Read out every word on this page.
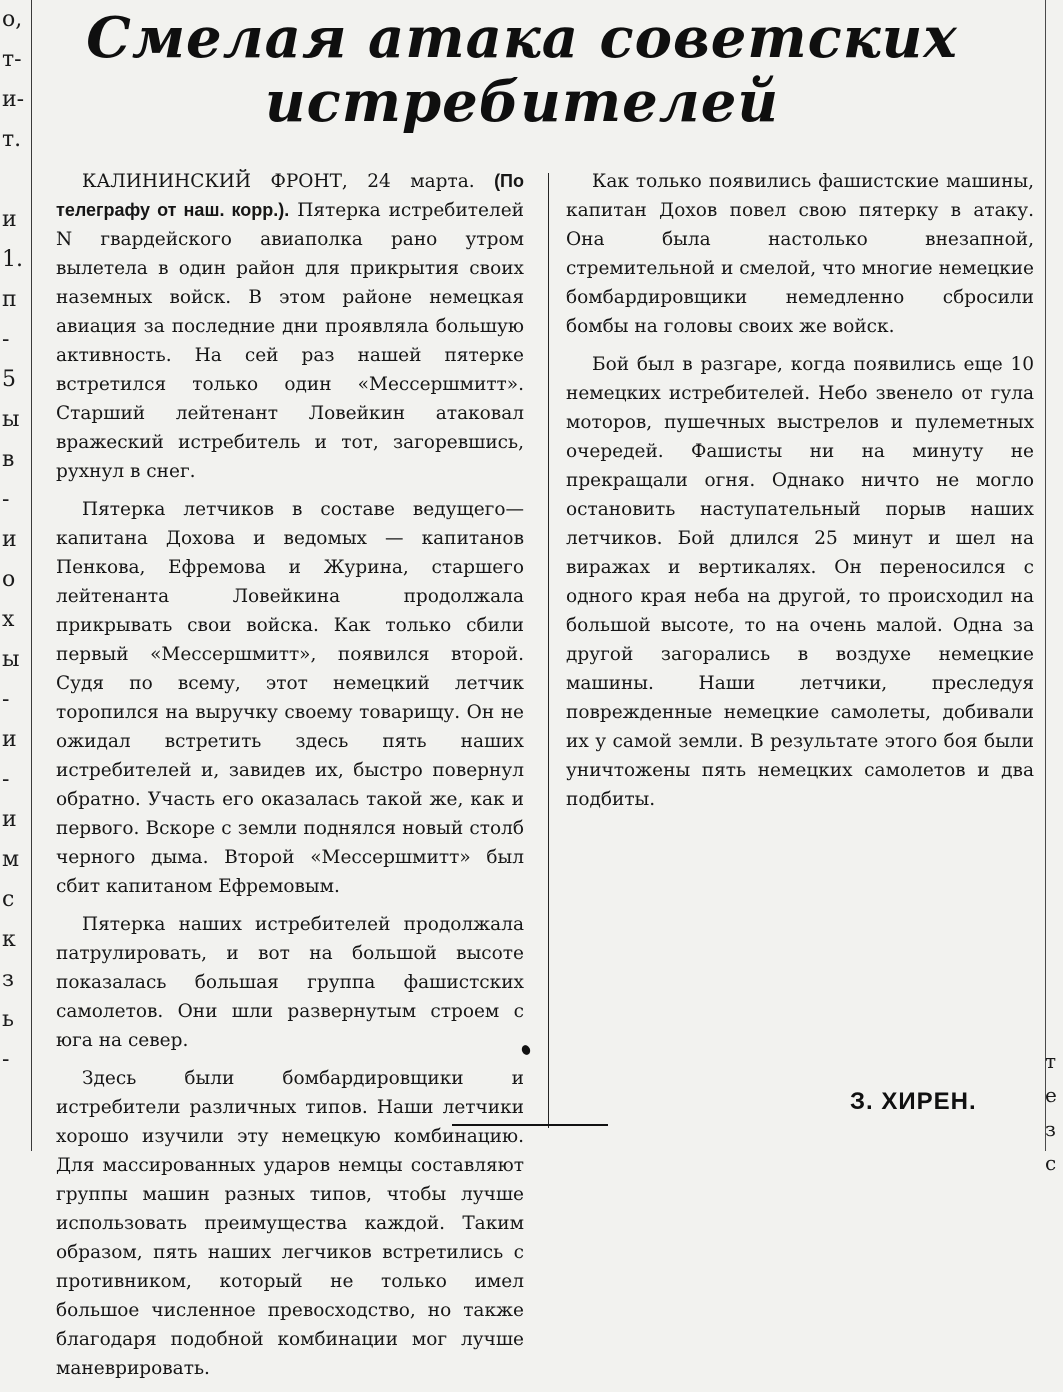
о,
т-
и-
т.
и
1.
п
-
5
ы
в
-
и
о
х
ы
-
и
-
и
м
с
к
з
ь
-
Смелая атака советских
истребителей

КАЛИНИНСКИЙ ФРОНТ, 24 марта. (По телеграфу от наш. корр.). Пятерка истребителей N гвардейского авиаполка рано утром вылетела в один район для прикрытия своих наземных войск. В этом районе немецкая авиация за последние дни проявляла большую активность. На сей раз нашей пятерке встретился только один «Мессершмитт». Старший лейтенант Ловейкин атаковал вражеский истребитель и тот, загоревшись, рухнул в снег.

Пятерка летчиков в составе ведущего— капитана Дохова и ведомых — капитанов Пенкова, Ефремова и Журина, старшего лейтенанта Ловейкина продолжала прикрывать свои войска. Как только сбили первый «Мессершмитт», появился второй. Судя по всему, этот немецкий летчик торопился на выручку своему товарищу. Он не ожидал встретить здесь пять наших истребителей и, завидев их, быстро повернул обратно. Участь его оказалась такой же, как и первого. Вскоре с земли поднялся новый столб черного дыма. Второй «Мессершмитт» был сбит капитаном Ефремовым.

Пятерка наших истребителей продолжала патрулировать, и вот на большой высоте показалась большая группа фашистских самолетов. Они шли развернутым строем с юга на север.

Здесь были бомбардировщики и истребители различных типов. Наши летчики хорошо изучили эту немецкую комбинацию. Для массированных ударов немцы составляют группы машин разных типов, чтобы лучше использовать преимущества каждой. Таким образом, пять наших легчиков встретились с противником, который не только имел большое численное превосходство, но также благодаря подобной комбинации мог лучше маневрировать.

Как только появились фашистские машины, капитан Дохов повел свою пятерку в атаку. Она была настолько внезапной, стремительной и смелой, что многие немецкие бомбардировщики немедленно сбросили бомбы на головы своих же войск.

Бой был в разгаре, когда появились еще 10 немецких истребителей. Небо звенело от гула моторов, пушечных выстрелов и пулеметных очередей. Фашисты ни на минуту не прекращали огня. Однако ничто не могло остановить наступательный порыв наших летчиков. Бой длился 25 минут и шел на виражах и вертикалях. Он переносился с одного края неба на другой, то происходил на большой высоте, то на очень малой. Одна за другой загорались в воздухе немецкие машины. Наши летчики, преследуя поврежденные немецкие самолеты, добивали их у самой земли. В результате этого боя были уничтожены пять немецких самолетов и два подбиты.

З. ХИРЕН.

т
е
з
с
